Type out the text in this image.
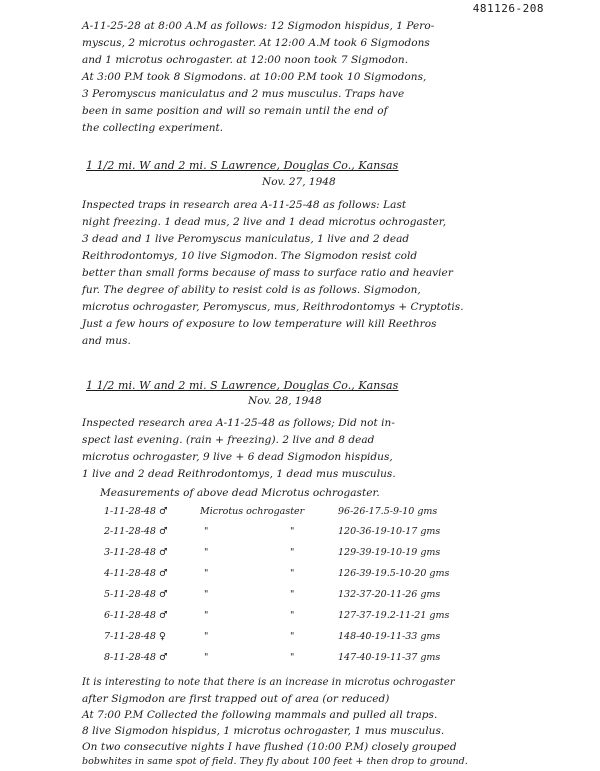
481126-208
A-11-25-28 at 8:00 A.M as follows: 12 Sigmodon hispidus, 1 Pero-
myscus, 2 microtus ochrogaster. At 12:00 A.M took 6 Sigmodons
and 1 microtus ochrogaster. at 12:00 noon took 7 Sigmodon.
At 3:00 P.M took 8 Sigmodons. at 10:00 P.M took 10 Sigmodons,
3 Peromyscus maniculatus and 2 mus musculus. Traps have
been in same position and will so remain until the end of
the collecting experiment.
1 1/2 mi. W and 2 mi. S Lawrence, Douglas Co., Kansas
Nov. 27, 1948
Inspected traps in research area A-11-25-48 as follows: Last
night freezing. 1 dead mus, 2 live and 1 dead microtus ochrogaster,
3 dead and 1 live Peromyscus maniculatus, 1 live and 2 dead
Reithrodontomys, 10 live Sigmodon. The Sigmodon resist cold
better than small forms because of mass to surface ratio and heavier
fur. The degree of ability to resist cold is as follows. Sigmodon,
microtus ochrogaster, Peromyscus, mus, Reithrodontomys + Cryptotis.
Just a few hours of exposure to low temperature will kill Reethros
and mus.
1 1/2 mi. W and 2 mi. S Lawrence, Douglas Co., Kansas
Nov. 28, 1948
Inspected research area A-11-25-48 as follows; Did not in-
spect last evening. (rain + freezing). 2 live and 8 dead
microtus ochrogaster, 9 live + 6 dead Sigmodon hispidus,
1 live and 2 dead Reithrodontomys, 1 dead mus musculus.
Measurements of above dead Microtus ochrogaster.
1-11-28-48 ♂	Microtus ochrogaster	96-26-17.5-9-10 gms
2-11-28-48 ♂	"	"	120-36-19-10-17 gms
3-11-28-48 ♂	"	"	129-39-19-10-19 gms
4-11-28-48 ♂	"	"	126-39-19.5-10-20 gms
5-11-28-48 ♂	"	"	132-37-20-11-26 gms
6-11-28-48 ♂	"	"	127-37-19.2-11-21 gms
7-11-28-48 ♀	"	"	148-40-19-11-33 gms
8-11-28-48 ♂	"	"	147-40-19-11-37 gms
It is interesting to note that there is an increase in microtus ochrogaster
after Sigmodon are first trapped out of area (or reduced)
At 7:00 P.M Collected the following mammals and pulled all traps.
8 live Sigmodon hispidus, 1 microtus ochrogaster, 1 mus musculus.
On two consecutive nights I have flushed (10:00 P.M) closely grouped
bobwhites in same spot of field. They fly about 100 feet + then drop to ground.
